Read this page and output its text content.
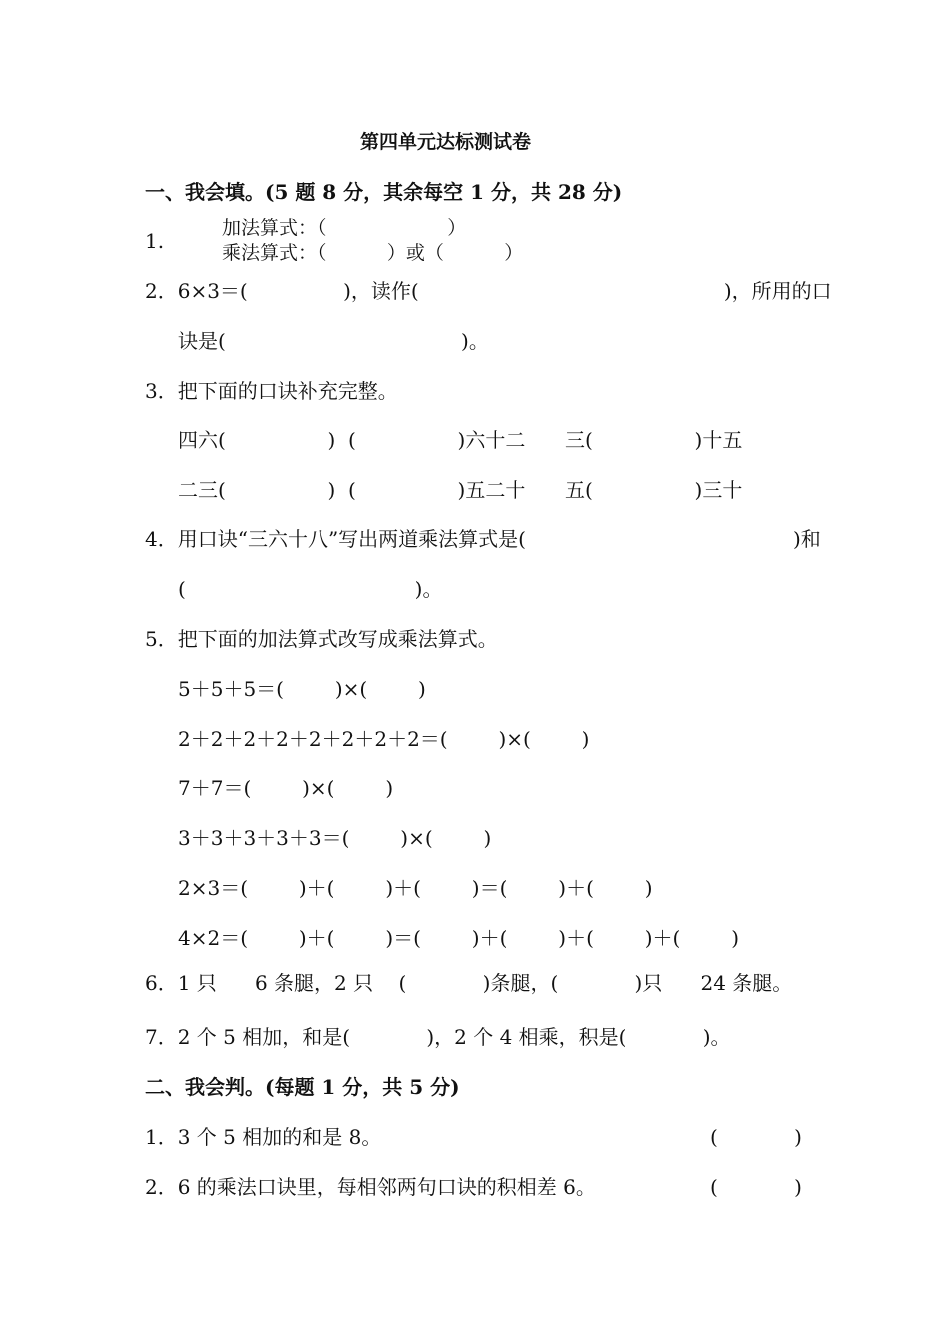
第四单元达标测试卷
一、我会填。(5 题 8 分，其余每空 1 分，共 28 分)
1.
加法算式：（                    ）
乘法算式：（          ）或（          ）
2．6×3＝(               )，读作(                                                )，所用的口
诀是(                                     )。
3．把下面的口诀补充完整。
四六(                ) (                )六十二 三(                )十五
二三(                ) (                )五二十 五(                )三十
4．用口诀“三六十八”写出两道乘法算式是(                                          )和
(                                    )。
5．把下面的加法算式改写成乘法算式。
5＋5＋5＝(        )×(        )
2＋2＋2＋2＋2＋2＋2＋2＝(        )×(        )
7＋7＝(        )×(        )
3＋3＋3＋3＋3＝(        )×(        )
2×3＝(        )＋(        )＋(        )＝(        )＋(        )
4×2＝(        )＋(        )＝(        )＋(        )＋(        )＋(        )
6．1 只      6 条腿，2 只    (            )条腿，(            )只      24 条腿。
7．2 个 5 相加，和是(            )，2 个 4 相乘，积是(            )。
二、我会判。(每题 1 分，共 5 分)
1．3 个 5 相加的和是 8。	(            )
2．6 的乘法口诀里，每相邻两句口诀的积相差 6。	(            )
